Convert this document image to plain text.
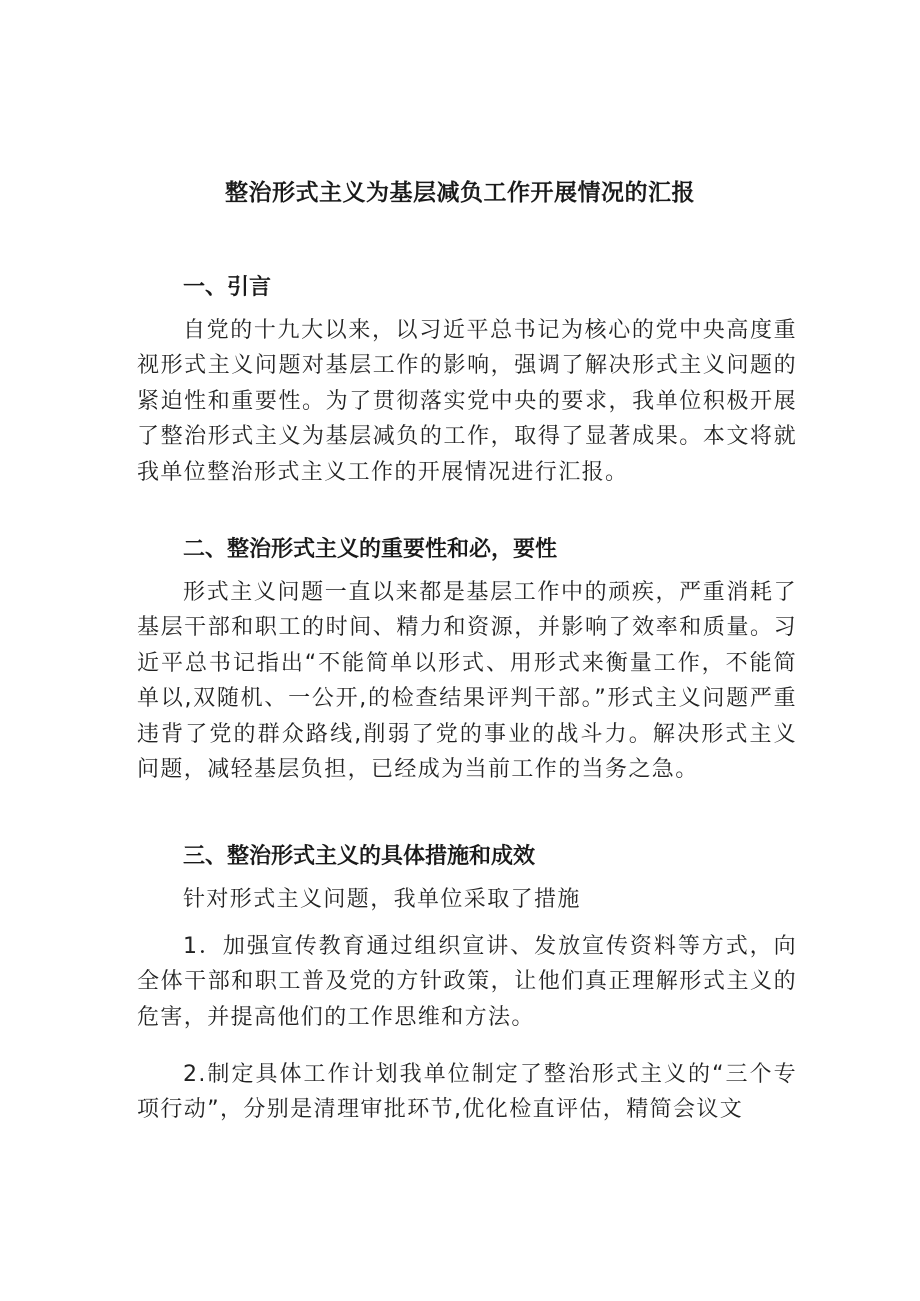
整治形式主义为基层减负工作开展情况的汇报
一、引言

自党的十九大以来，以习近平总书记为核心的党中央高度重视形式主义问题对基层工作的影响，强调了解决形式主义问题的紧迫性和重要性。为了贯彻落实党中央的要求，我单位积极开展了整治形式主义为基层减负的工作，取得了显著成果。本文将就我单位整治形式主义工作的开展情况进行汇报。

二、整治形式主义的重要性和必，要性

形式主义问题一直以来都是基层工作中的顽疾，严重消耗了基层干部和职工的时间、精力和资源，并影响了效率和质量。习近平总书记指出“不能简单以形式、用形式来衡量工作，不能简单以,双随机、一公开,的检查结果评判干部。”形式主义问题严重违背了党的群众路线,削弱了党的事业的战斗力。解决形式主义问题，减轻基层负担，已经成为当前工作的当务之急。

三、整治形式主义的具体措施和成效

针对形式主义问题，我单位采取了措施

1．加强宣传教育通过组织宣讲、发放宣传资料等方式，向全体干部和职工普及党的方针政策，让他们真正理解形式主义的危害，并提高他们的工作思维和方法。

2.制定具体工作计划我单位制定了整治形式主义的“三个专项行动”，分别是清理审批环节,优化检直评估，精简会议文
